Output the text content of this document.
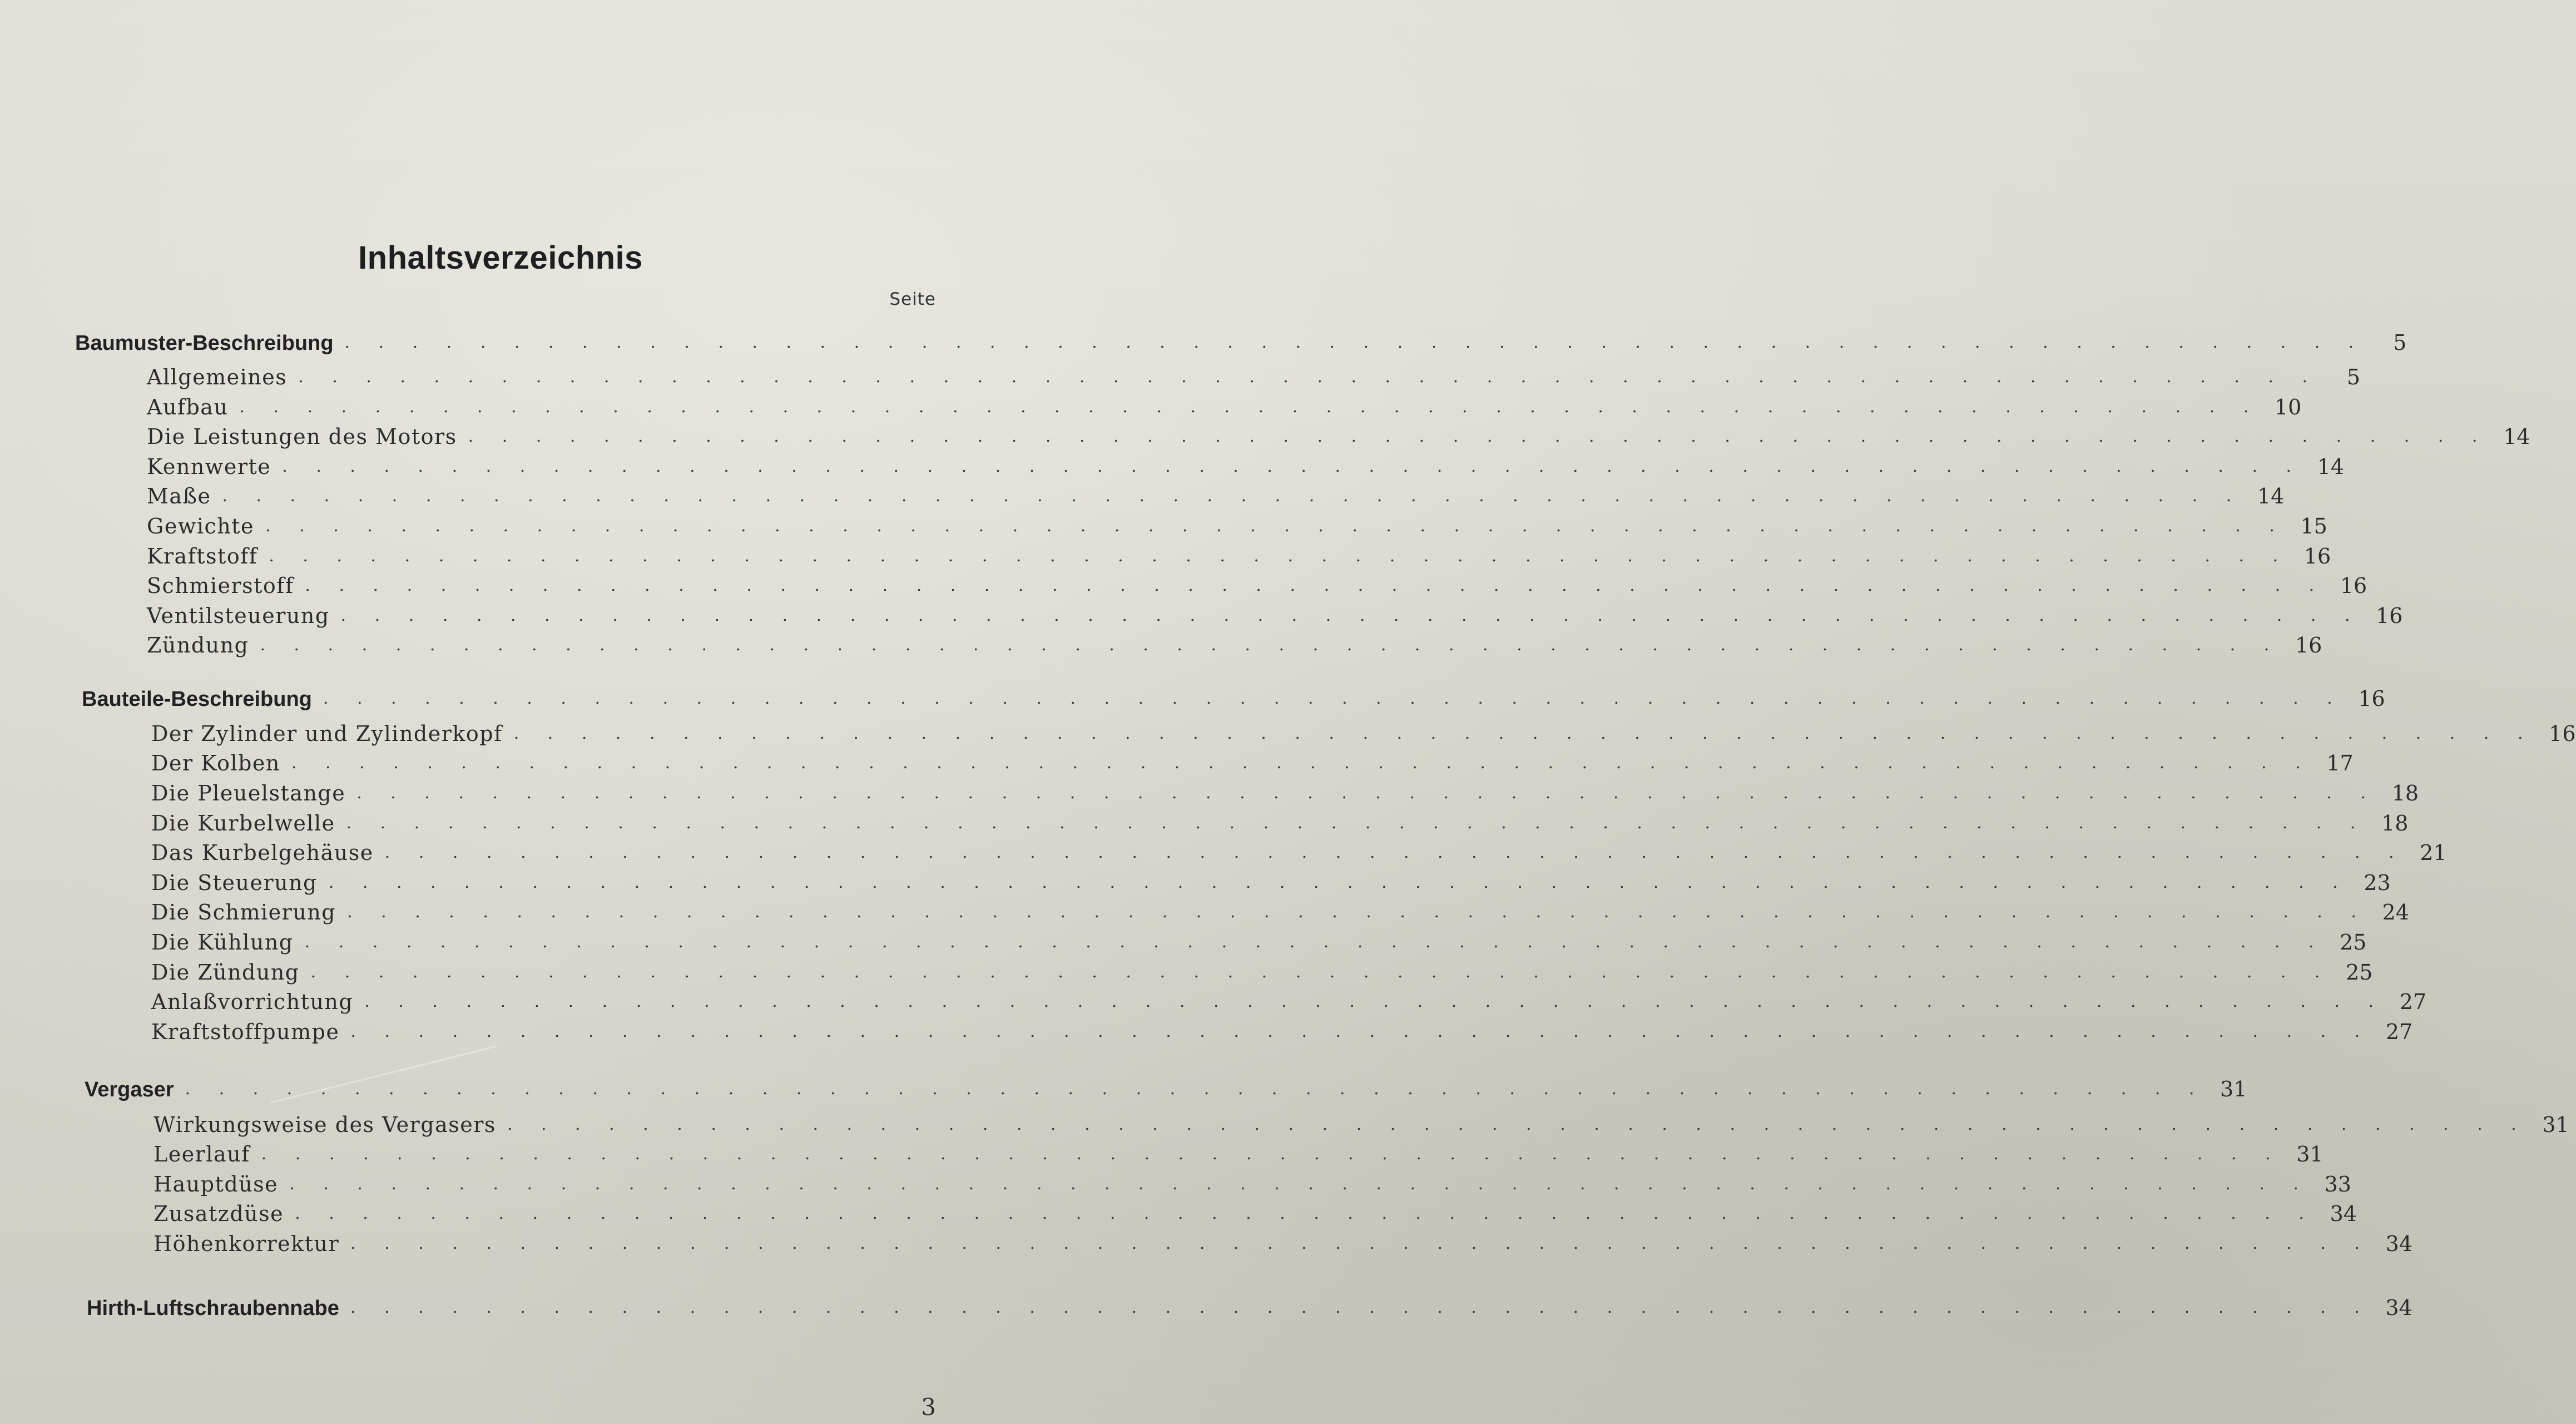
Inhaltsverzeichnis
Seite
Baumuster-Beschreibung . . . . . . . . . . . . . . . . . . . . . . . . . . . . . . . . . . . . . . . . . . . . . . . . . . . . . . . . . . . .	5
Allgemeines . . . . . . . . . . . . . . . . . . . . . . . . . . . . . . . . . . . . . . . . . . . . . . . . . . . . . . . . . . . .	5
Aufbau . . . . . . . . . . . . . . . . . . . . . . . . . . . . . . . . . . . . . . . . . . . . . . . . . . . . . . . . . . . . 10
Die Leistungen des Motors . . . . . . . . . . . . . . . . . . . . . . . . . . . . . . . . . . . . . . . . . . . . . . . . . . . . . . . . . . . . 14
Kennwerte . . . . . . . . . . . . . . . . . . . . . . . . . . . . . . . . . . . . . . . . . . . . . . . . . . . . . . . . . . . . 14
Maße . . . . . . . . . . . . . . . . . . . . . . . . . . . . . . . . . . . . . . . . . . . . . . . . . . . . . . . . . . . . 14
Gewichte . . . . . . . . . . . . . . . . . . . . . . . . . . . . . . . . . . . . . . . . . . . . . . . . . . . . . . . . . . . . 15
Kraftstoff . . . . . . . . . . . . . . . . . . . . . . . . . . . . . . . . . . . . . . . . . . . . . . . . . . . . . . . . . . . . 16
Schmierstoff . . . . . . . . . . . . . . . . . . . . . . . . . . . . . . . . . . . . . . . . . . . . . . . . . . . . . . . . . . . . 16
Ventilsteuerung . . . . . . . . . . . . . . . . . . . . . . . . . . . . . . . . . . . . . . . . . . . . . . . . . . . . . . . . . . . . 16
Zündung . . . . . . . . . . . . . . . . . . . . . . . . . . . . . . . . . . . . . . . . . . . . . . . . . . . . . . . . . . . . 16
Bauteile-Beschreibung . . . . . . . . . . . . . . . . . . . . . . . . . . . . . . . . . . . . . . . . . . . . . . . . . . . . . . . . . . . . 16
Der Zylinder und Zylinderkopf . . . . . . . . . . . . . . . . . . . . . . . . . . . . . . . . . . . . . . . . . . . . . . . . . . . . . . . . . . . . 16
Der Kolben . . . . . . . . . . . . . . . . . . . . . . . . . . . . . . . . . . . . . . . . . . . . . . . . . . . . . . . . . . . . 17
Die Pleuelstange . . . . . . . . . . . . . . . . . . . . . . . . . . . . . . . . . . . . . . . . . . . . . . . . . . . . . . . . . . . . 18
Die Kurbelwelle . . . . . . . . . . . . . . . . . . . . . . . . . . . . . . . . . . . . . . . . . . . . . . . . . . . . . . . . . . . . 18
Das Kurbelgehäuse . . . . . . . . . . . . . . . . . . . . . . . . . . . . . . . . . . . . . . . . . . . . . . . . . . . . . . . . . . . . 21
Die Steuerung . . . . . . . . . . . . . . . . . . . . . . . . . . . . . . . . . . . . . . . . . . . . . . . . . . . . . . . . . . . . 23
Die Schmierung . . . . . . . . . . . . . . . . . . . . . . . . . . . . . . . . . . . . . . . . . . . . . . . . . . . . . . . . . . . . 24
Die Kühlung . . . . . . . . . . . . . . . . . . . . . . . . . . . . . . . . . . . . . . . . . . . . . . . . . . . . . . . . . . . . 25
Die Zündung . . . . . . . . . . . . . . . . . . . . . . . . . . . . . . . . . . . . . . . . . . . . . . . . . . . . . . . . . . . . 25
Anlaßvorrichtung . . . . . . . . . . . . . . . . . . . . . . . . . . . . . . . . . . . . . . . . . . . . . . . . . . . . . . . . . . . . 27
Kraftstoffpumpe . . . . . . . . . . . . . . . . . . . . . . . . . . . . . . . . . . . . . . . . . . . . . . . . . . . . . . . . . . . . 27
Vergaser . . . . . . . . . . . . . . . . . . . . . . . . . . . . . . . . . . . . . . . . . . . . . . . . . . . . . . . . . . . . 31
Wirkungsweise des Vergasers . . . . . . . . . . . . . . . . . . . . . . . . . . . . . . . . . . . . . . . . . . . . . . . . . . . . . . . . . . . . 31
Leerlauf . . . . . . . . . . . . . . . . . . . . . . . . . . . . . . . . . . . . . . . . . . . . . . . . . . . . . . . . . . . . 31
Hauptdüse . . . . . . . . . . . . . . . . . . . . . . . . . . . . . . . . . . . . . . . . . . . . . . . . . . . . . . . . . . . . 33
Zusatzdüse . . . . . . . . . . . . . . . . . . . . . . . . . . . . . . . . . . . . . . . . . . . . . . . . . . . . . . . . . . . . 34
Höhenkorrektur . . . . . . . . . . . . . . . . . . . . . . . . . . . . . . . . . . . . . . . . . . . . . . . . . . . . . . . . . . . . 34
Hirth-Luftschraubennabe . . . . . . . . . . . . . . . . . . . . . . . . . . . . . . . . . . . . . . . . . . . . . . . . . . . . . . . . . . . . 34
3
